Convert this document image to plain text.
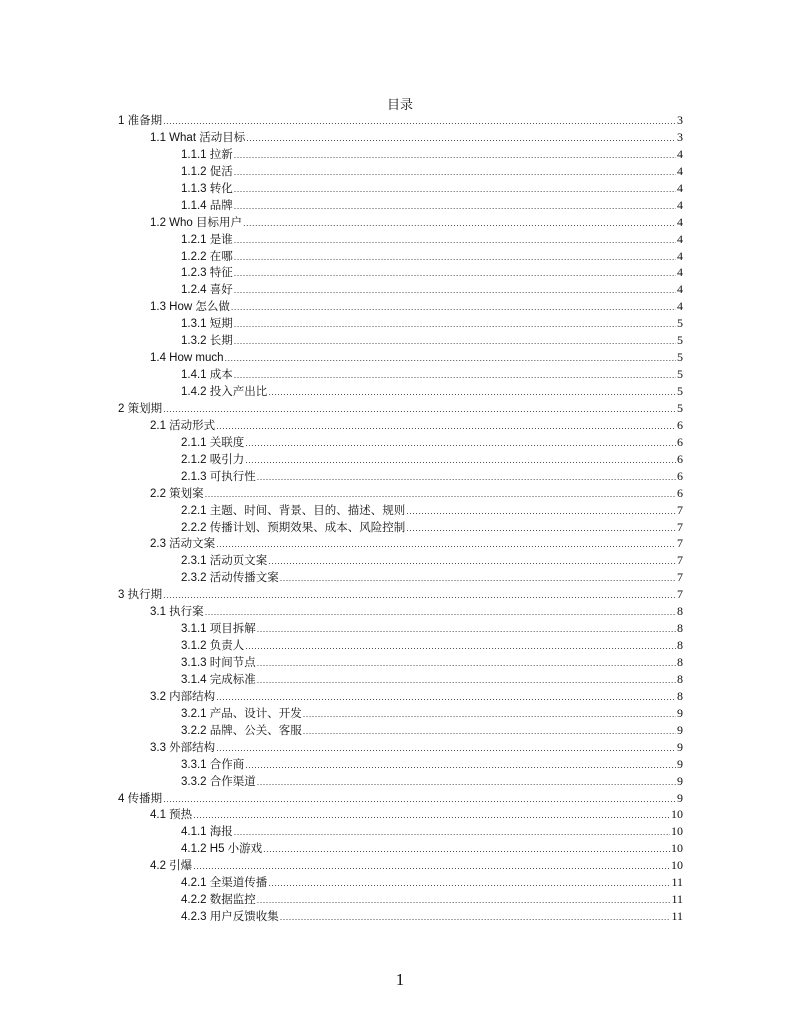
目录
1 准备期 .....	3
1.1 What 活动目标 .....	3
1.1.1 拉新 .....	4
1.1.2 促活 .....	4
1.1.3 转化 .....	4
1.1.4 品牌 .....	4
1.2 Who 目标用户 .....	4
1.2.1 是谁 .....	4
1.2.2 在哪 .....	4
1.2.3 特征 .....	4
1.2.4 喜好 .....	4
1.3 How 怎么做 .....	4
1.3.1 短期 .....	5
1.3.2 长期 .....	5
1.4 How much .....	5
1.4.1 成本 .....	5
1.4.2 投入产出比 .....	5
2 策划期 .....	5
2.1 活动形式 .....	6
2.1.1 关联度 .....	6
2.1.2 吸引力 .....	6
2.1.3 可执行性 .....	6
2.2 策划案 .....	6
2.2.1 主题、时间、背景、目的、描述、规则 .....	7
2.2.2 传播计划、预期效果、成本、风险控制 .....	7
2.3 活动文案 .....	7
2.3.1 活动页文案 .....	7
2.3.2 活动传播文案 .....	7
3 执行期 .....	7
3.1 执行案 .....	8
3.1.1 项目拆解 .....	8
3.1.2 负责人 .....	8
3.1.3 时间节点 .....	8
3.1.4 完成标准 .....	8
3.2 内部结构 .....	8
3.2.1 产品、设计、开发 .....	9
3.2.2 品牌、公关、客服 .....	9
3.3 外部结构 .....	9
3.3.1 合作商 .....	9
3.3.2 合作渠道 .....	9
4 传播期 .....	9
4.1 预热 .....	10
4.1.1 海报 .....	10
4.1.2 H5 小游戏 .....	10
4.2 引爆 .....	10
4.2.1 全渠道传播 .....	11
4.2.2 数据监控 .....	11
4.2.3 用户反馈收集 .....	11
1
